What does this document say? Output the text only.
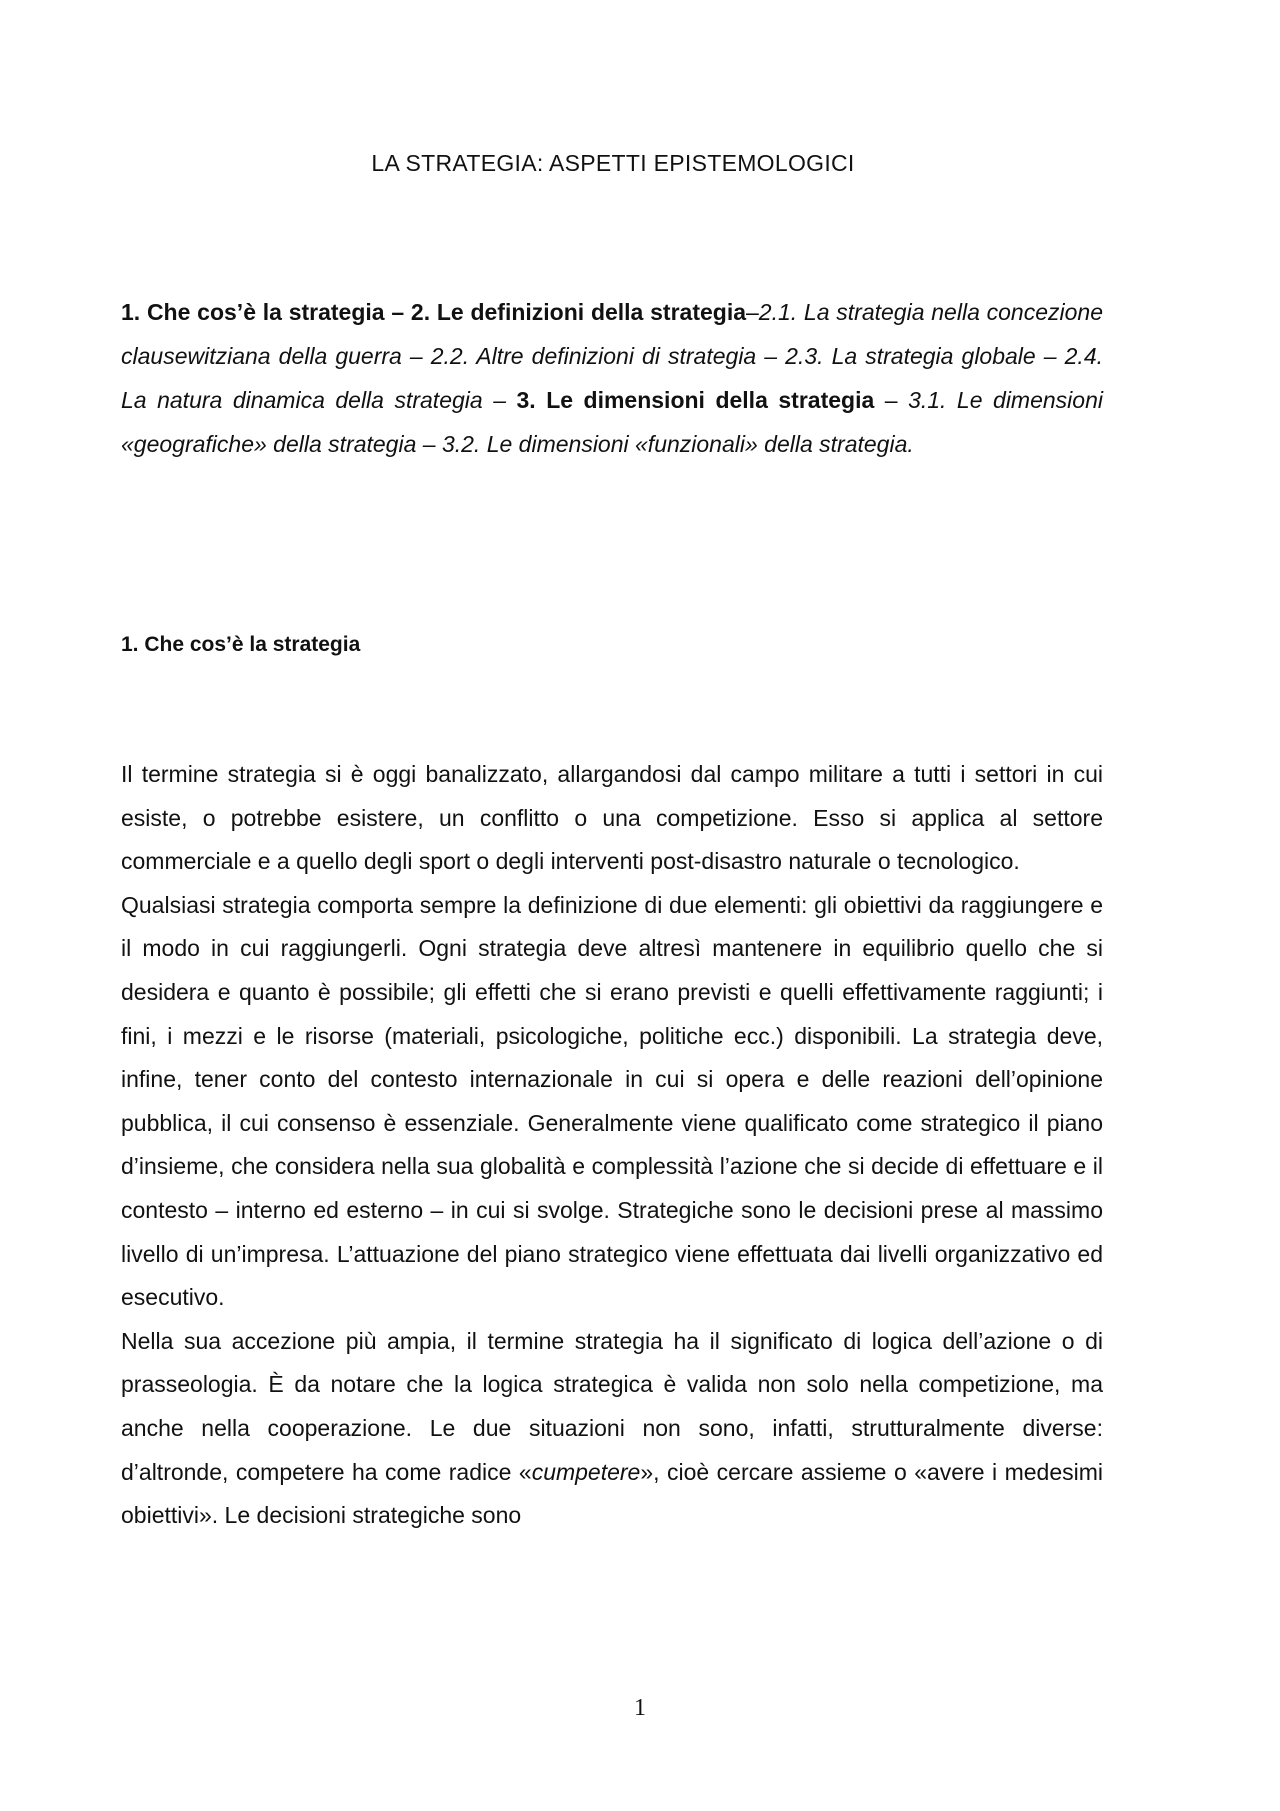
LA STRATEGIA: ASPETTI EPISTEMOLOGICI
1. Che cos’è la strategia – 2. Le definizioni della strategia–2.1. La strategia nella concezione clausewitziana della guerra – 2.2. Altre definizioni di strategia – 2.3. La strategia globale – 2.4. La natura dinamica della strategia – 3. Le dimensioni della strategia – 3.1. Le dimensioni «geografiche» della strategia – 3.2. Le dimensioni «funzionali» della strategia.
1. Che cos’è la strategia

Il termine strategia si è oggi banalizzato, allargandosi dal campo militare a tutti i settori in cui esiste, o potrebbe esistere, un conflitto o una competizione. Esso si applica al settore commerciale e a quello degli sport o degli interventi post-disastro naturale o tecnologico.

Qualsiasi strategia comporta sempre la definizione di due elementi: gli obiettivi da raggiungere e il modo in cui raggiungerli. Ogni strategia deve altresì mantenere in equilibrio quello che si desidera e quanto è possibile; gli effetti che si erano previsti e quelli effettivamente raggiunti; i fini, i mezzi e le risorse (materiali, psicologiche, politiche ecc.) disponibili. La strategia deve, infine, tener conto del contesto internazionale in cui si opera e delle reazioni dell’opinione pubblica, il cui consenso è essenziale. Generalmente viene qualificato come strategico il piano d’insieme, che considera nella sua globalità e complessità l’azione che si decide di effettuare e il contesto – interno ed esterno – in cui si svolge. Strategiche sono le decisioni prese al massimo livello di un’impresa. L’attuazione del piano strategico viene effettuata dai livelli organizzativo ed esecutivo.

Nella sua accezione più ampia, il termine strategia ha il significato di logica dell’azione o di prasseologia. È da notare che la logica strategica è valida non solo nella competizione, ma anche nella cooperazione. Le due situazioni non sono, infatti, strutturalmente diverse: d’altronde, competere ha come radice «cumpetere», cioè cercare assieme o «avere i medesimi obiettivi». Le decisioni strategiche sono

1
